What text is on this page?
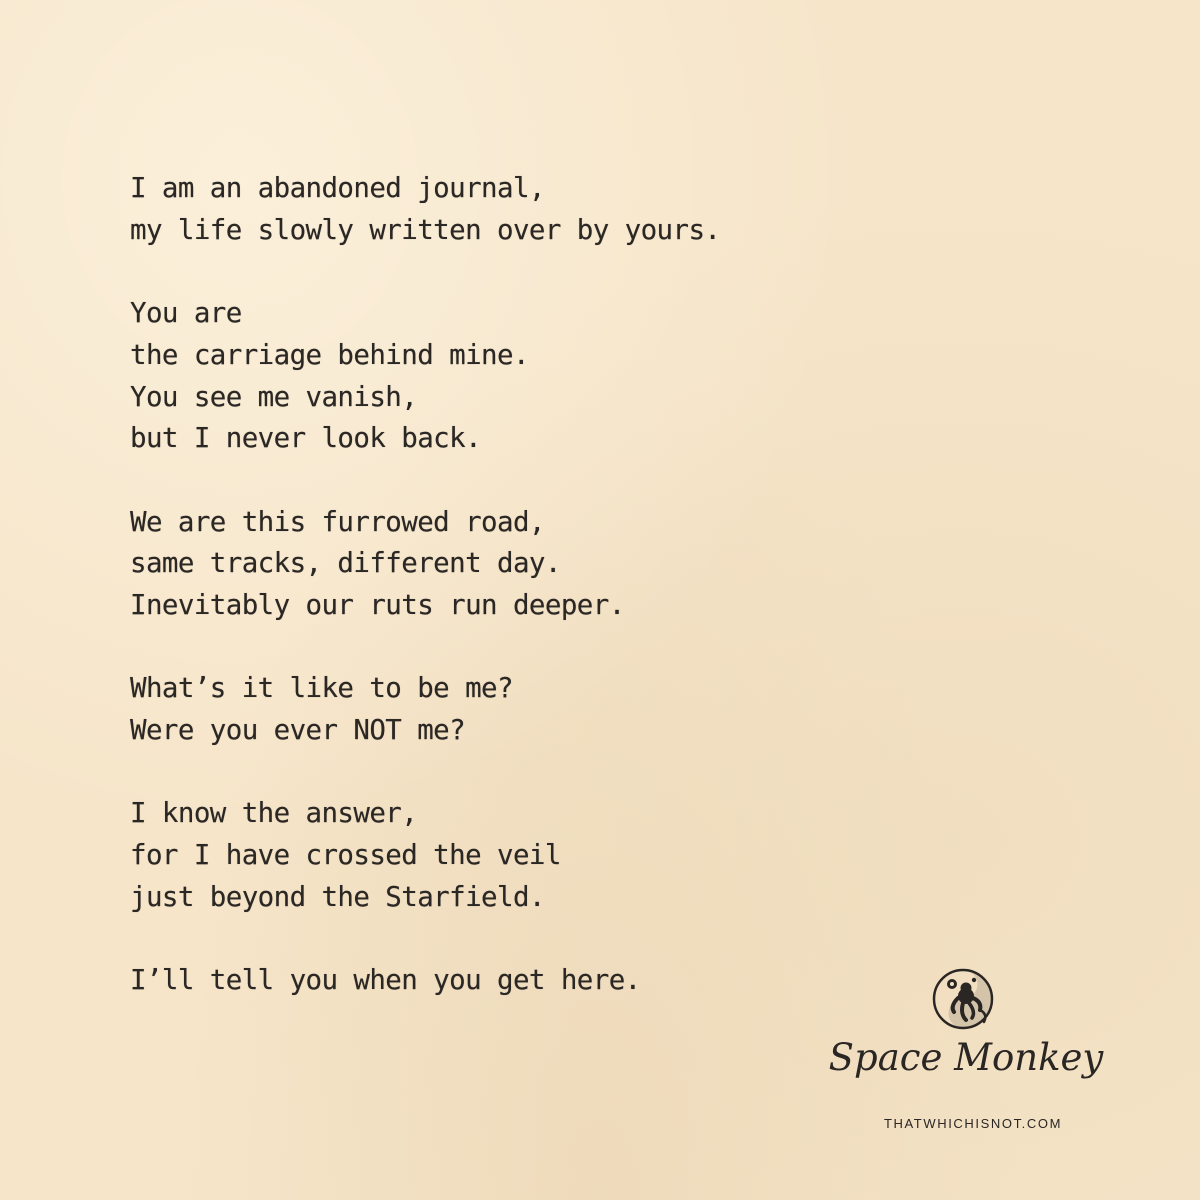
I am an abandoned journal,
my life slowly written over by yours.
You are
the carriage behind mine.
You see me vanish,
but I never look back.
We are this furrowed road,
same tracks, different day.
Inevitably our ruts run deeper.
What’s it like to be me?
Were you ever NOT me?
I know the answer,
for I have crossed the veil
just beyond the Starfield.
I’ll tell you when you get here.
Space Monkey
THATWHICHISNOT.COM
